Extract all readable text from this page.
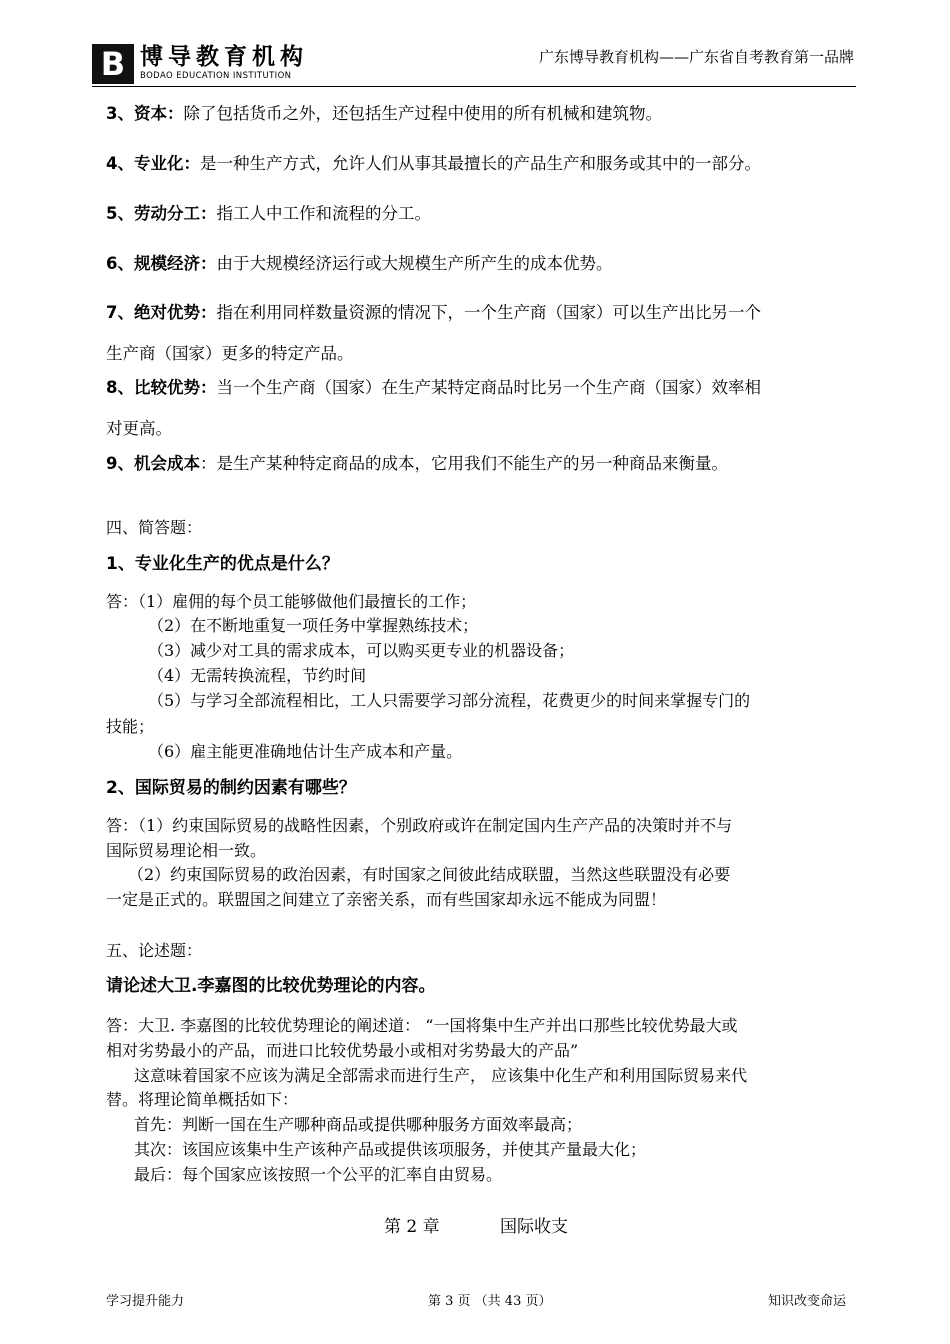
B 博导教育机构
BODAO EDUCATION INSTITUTION
广东博导教育机构——广东省自考教育第一品牌
3、资本：除了包括货币之外，还包括生产过程中使用的所有机械和建筑物。
4、专业化：是一种生产方式，允许人们从事其最擅长的产品生产和服务或其中的一部分。
5、劳动分工：指工人中工作和流程的分工。
6、规模经济：由于大规模经济运行或大规模生产所产生的成本优势。
7、绝对优势：指在利用同样数量资源的情况下，一个生产商（国家）可以生产出比另一个
生产商（国家）更多的特定产品。
8、比较优势：当一个生产商（国家）在生产某特定商品时比另一个生产商（国家）效率相
对更高。
9、机会成本：是生产某种特定商品的成本，它用我们不能生产的另一种商品来衡量。
四、简答题：
1、专业化生产的优点是什么？
答：（1）雇佣的每个员工能够做他们最擅长的工作；
（2）在不断地重复一项任务中掌握熟练技术；
（3）减少对工具的需求成本，可以购买更专业的机器设备；
（4）无需转换流程，节约时间
（5）与学习全部流程相比，工人只需要学习部分流程，花费更少的时间来掌握专门的
技能；
（6）雇主能更准确地估计生产成本和产量。
2、国际贸易的制约因素有哪些？
答：（1）约束国际贸易的战略性因素，个别政府或许在制定国内生产产品的决策时并不与
国际贸易理论相一致。
（2）约束国际贸易的政治因素，有时国家之间彼此结成联盟，当然这些联盟没有必要
一定是正式的。联盟国之间建立了亲密关系，而有些国家却永远不能成为同盟！
五、论述题：
请论述大卫.李嘉图的比较优势理论的内容。
答：大卫. 李嘉图的比较优势理论的阐述道： “一国将集中生产并出口那些比较优势最大或
相对劣势最小的产品，而进口比较优势最小或相对劣势最大的产品”
这意味着国家不应该为满足全部需求而进行生产， 应该集中化生产和利用国际贸易来代
替。将理论简单概括如下：
首先：判断一国在生产哪种商品或提供哪种服务方面效率最高；
其次：该国应该集中生产该种产品或提供该项服务，并使其产量最大化；
最后：每个国家应该按照一个公平的汇率自由贸易。
第 2 章	国际收支
学习提升能力	第 3 页 （共 43 页）	知识改变命运
